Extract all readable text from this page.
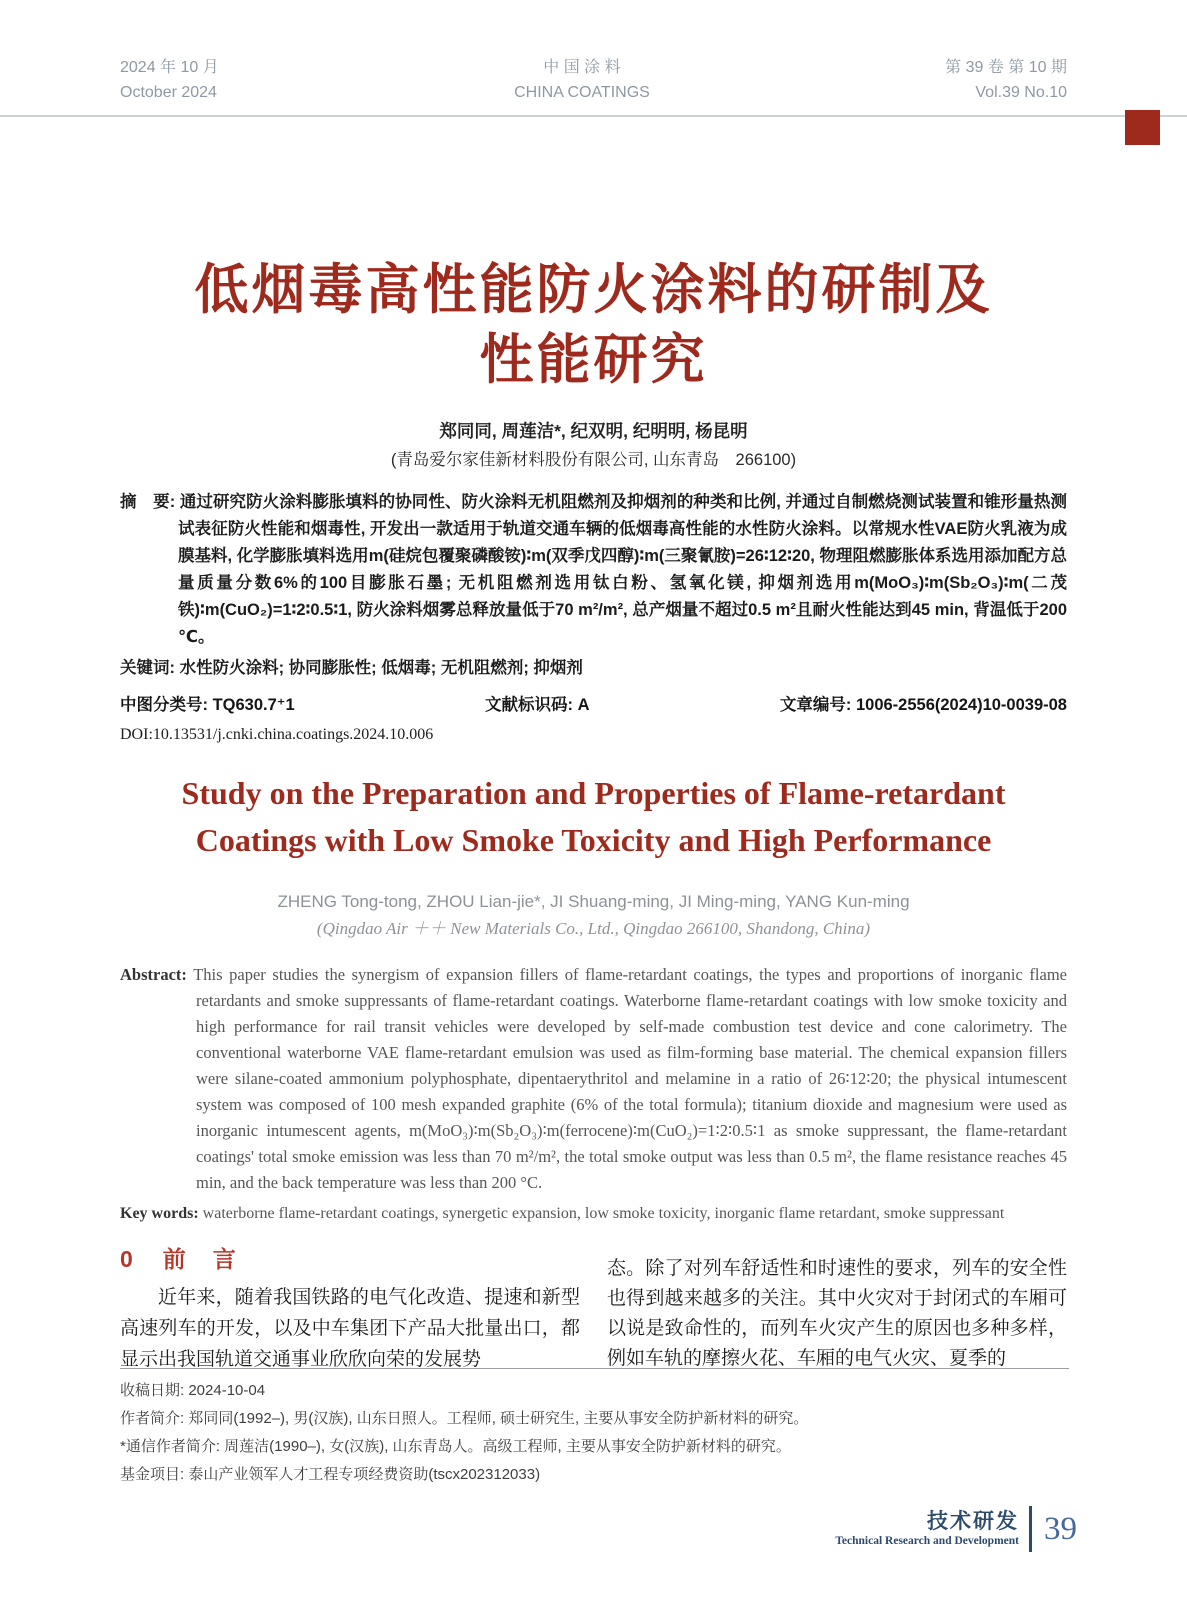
2024 年 10 月
October 2024
中 国 涂 料
CHINA COATINGS
第 39 卷 第 10 期
Vol.39 No.10
低烟毒高性能防火涂料的研制及
性能研究
郑同同, 周莲洁*, 纪双明, 纪明明, 杨昆明
(青岛爱尔家佳新材料股份有限公司, 山东青岛　266100)

摘　要: 通过研究防火涂料膨胀填料的协同性、防火涂料无机阻燃剂及抑烟剂的种类和比例, 并通过自制燃烧测试装置和锥形量热测试表征防火性能和烟毒性, 开发出一款适用于轨道交通车辆的低烟毒高性能的水性防火涂料。以常规水性VAE防火乳液为成膜基料, 化学膨胀填料选用m(硅烷包覆聚磷酸铵)∶m(双季戊四醇)∶m(三聚氰胺)=26∶12∶20, 物理阻燃膨胀体系选用添加配方总量质量分数6%的100目膨胀石墨; 无机阻燃剂选用钛白粉、氢氧化镁, 抑烟剂选用m(MoO₃)∶m(Sb₂O₃)∶m(二茂铁)∶m(CuO₂)=1∶2∶0.5∶1, 防火涂料烟雾总释放量低于70 m²/m², 总产烟量不超过0.5 m²且耐火性能达到45 min, 背温低于200 ℃。

关键词: 水性防火涂料; 协同膨胀性; 低烟毒; 无机阻燃剂; 抑烟剂

中图分类号: TQ630.7⁺1	文献标识码: A	文章编号: 1006-2556(2024)10-0039-08
DOI:10.13531/j.cnki.china.coatings.2024.10.006
Study on the Preparation and Properties of Flame-retardant
Coatings with Low Smoke Toxicity and High Performance
ZHENG Tong-tong, ZHOU Lian-jie*, JI Shuang-ming, JI Ming-ming, YANG Kun-ming
(Qingdao Air ＋＋ New Materials Co., Ltd., Qingdao 266100, Shandong, China)

Abstract: This paper studies the synergism of expansion fillers of flame-retardant coatings, the types and proportions of inorganic flame retardants and smoke suppressants of flame-retardant coatings. Waterborne flame-retardant coatings with low smoke toxicity and high performance for rail transit vehicles were developed by self-made combustion test device and cone calorimetry. The conventional waterborne VAE flame-retardant emulsion was used as film-forming base material. The chemical expansion fillers were silane-coated ammonium polyphosphate, dipentaerythritol and melamine in a ratio of 26∶12∶20; the physical intumescent system was composed of 100 mesh expanded graphite (6% of the total formula); titanium dioxide and magnesium were used as inorganic intumescent agents, m(MoO₃)∶m(Sb₂O₃)∶m(ferrocene)∶m(CuO₂)=1∶2∶0.5∶1 as smoke suppressant, the flame-retardant coatings' total smoke emission was less than 70 m²/m², the total smoke output was less than 0.5 m², the flame resistance reaches 45 min, and the back temperature was less than 200 °C.

Key words: waterborne flame-retardant coatings, synergetic expansion, low smoke toxicity, inorganic flame retardant, smoke suppressant

0 前　言
近年来，随着我国铁路的电气化改造、提速和新型高速列车的开发，以及中车集团下产品大批量出口，都显示出我国轨道交通事业欣欣向荣的发展势
态。除了对列车舒适性和时速性的要求，列车的安全性也得到越来越多的关注。其中火灾对于封闭式的车厢可以说是致命性的，而列车火灾产生的原因也多种多样，例如车轨的摩擦火花、车厢的电气火灾、夏季的
收稿日期: 2024-10-04
作者简介: 郑同同(1992–), 男(汉族), 山东日照人。工程师, 硕士研究生, 主要从事安全防护新材料的研究。
*通信作者简介: 周莲洁(1990–), 女(汉族), 山东青岛人。高级工程师, 主要从事安全防护新材料的研究。
基金项目: 泰山产业领军人才工程专项经费资助(tscx202312033)
技术研发
Technical Research and Development 39
